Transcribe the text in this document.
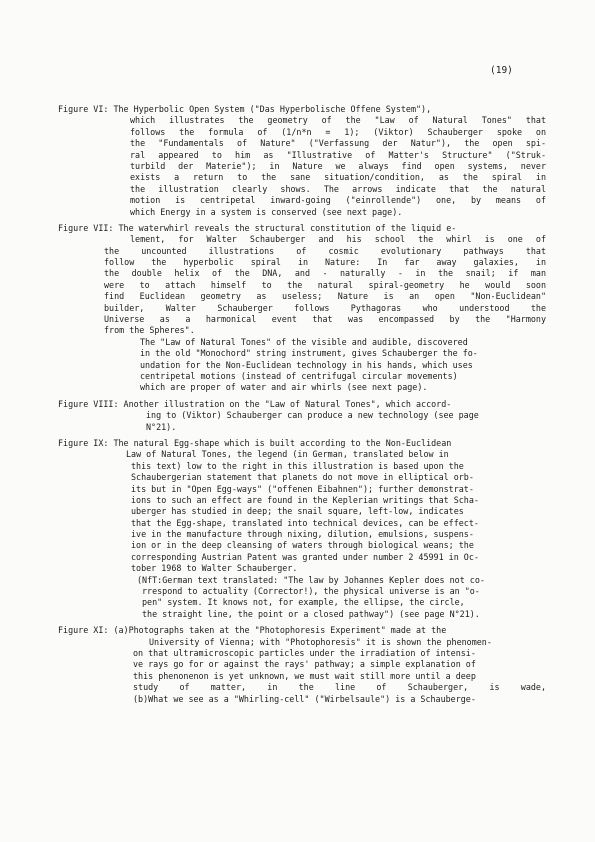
(19)
Figure VI: The Hyperbolic Open System ("Das Hyperbolische Offene System"),
which illustrates the geometry of the "Law of Natural Tones" that
follows the formula of (1/n*n = 1); (Viktor) Schauberger spoke on
the "Fundamentals of Nature" ("Verfassung der Natur"), the open spi-
ral appeared to him as "Illustrative of Matter's Structure" ("Struk-
turbild der Materie"); in Nature we always find open systems, never
exists a return to the sane situation/condition, as the spiral in
the illustration clearly shows. The arrows indicate that the natural
motion is centripetal inward-going ("einrollende") one, by means of
which Energy in a system is conserved (see next page).
Figure VII: The waterwhirl reveals the structural constitution of the liquid e-
lement, for Walter Schauberger and his school the whirl is one of
the uncounted illustrations of cosmic evolutionary pathways that
follow the hyperbolic spiral in Nature: In far away galaxies, in
the double helix of the DNA, and - naturally - in the snail; if man
were to attach himself to the natural spiral-geometry he would soon
find Euclidean geometry as useless; Nature is an open "Non-Euclidean"
builder, Walter Schauberger follows Pythagoras who understood the
Universe as a harmonical event that was encompassed by the "Harmony
from the Spheres".
The "Law of Natural Tones" of the visible and audible, discovered
in the old "Monochord" string instrument, gives Schauberger the fo-
undation for the Non-Euclidean technology in his hands, which uses
centripetal motions (instead of centrifugal circular movements)
which are proper of water and air whirls (see next page).
Figure VIII: Another illustration on the "Law of Natural Tones", which accord-
ing to (Viktor) Schauberger can produce a new technology (see page
N°21).
Figure IX: The natural Egg-shape which is built according to the Non-Euclidean
Law of Natural Tones, the legend (in German, translated below in
this text) low to the right in this illustration is based upon the
Schaubergerian statement that planets do not move in elliptical orb-
its but in "Open Egg-ways" ("offenen Eibahnen"); further demonstrat-
ions to such an effect are found in the Keplerian writings that Scha-
uberger has studied in deep; the snail square, left-low, indicates
that the Egg-shape, translated into technical devices, can be effect-
ive in the manufacture through nixing, dilution, emulsions, suspens-
ion or in the deep cleansing of waters through biological weans; the
corresponding Austrian Patent was granted under number 2 45991 in Oc-
tober 1968 to Walter Schauberger.
(NfT:German text translated: "The law by Johannes Kepler does not co-
rrespond to actuality (Corrector!), the physical universe is an "o-
pen" system. It knows not, for example, the ellipse, the circle,
the straight line, the point or a closed pathway") (see page N°21).
Figure XI: (a)Photographs taken at the "Photophoresis Experiment" made at the
University of Vienna; with "Photophoresis" it is shown the phenomen-
on that ultramicroscopic particles under the irradiation of intensi-
ve rays go for or against the rays' pathway; a simple explanation of
this phenonenon is yet unknown, we must wait still more until a deep
study of matter, in the line of Schauberger, is wade,
(b)What we see as a "Whirling-cell" ("Wirbelsaule") is a Schauberge-
